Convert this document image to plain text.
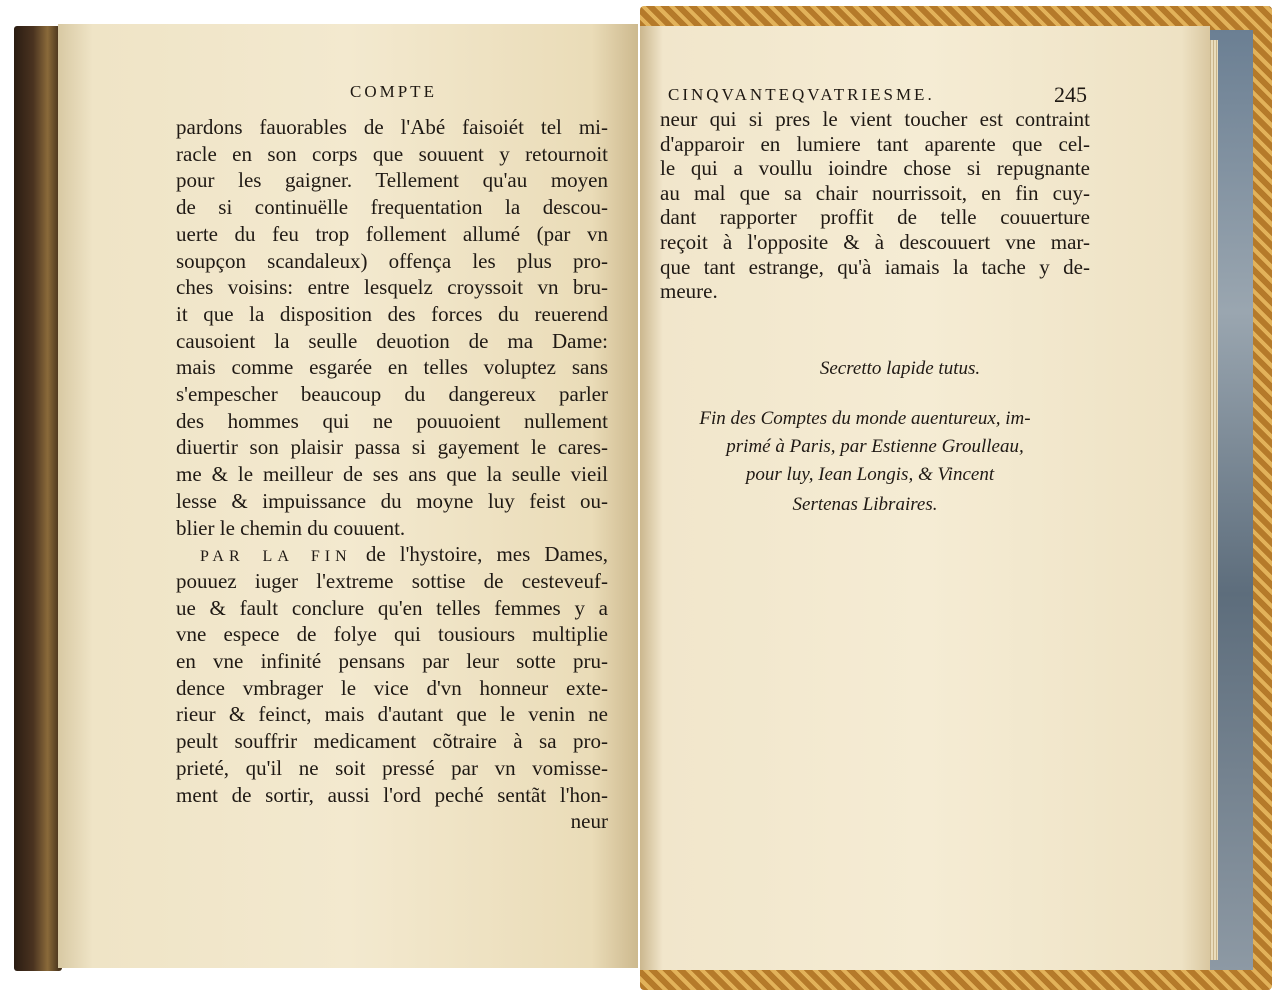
COMPTE
pardons fauorables de l'Abé faisoiét tel mi-
racle en son corps que souuent y retournoit
pour les gaigner. Tellement qu'au moyen
de si continuëlle frequentation la descou-
uerte du feu trop follement allumé (par vn
soupçon scandaleux) offença les plus pro-
ches voisins: entre lesquelz croyssoit vn bru-
it que la disposition des forces du reuerend
causoient la seulle deuotion de ma Dame:
mais comme esgarée en telles voluptez sans
s'empescher beaucoup du dangereux parler
des hommes qui ne pouuoient nullement
diuertir son plaisir passa si gayement le cares-
me & le meilleur de ses ans que la seulle vieil
lesse & impuissance du moyne luy feist ou-
blier le chemin du couuent.
PAR LA FIN de l'hystoire, mes Dames,
pouuez iuger l'extreme sottise de cesteveuf-
ue & fault conclure qu'en telles femmes y a
vne espece de folye qui tousiours multiplie
en vne infinité pensans par leur sotte pru-
dence vmbrager le vice d'vn honneur exte-
rieur & feinct, mais d'autant que le venin ne
peult souffrir medicament cõtraire à sa pro-
prieté, qu'il ne soit pressé par vn vomisse-
ment de sortir, aussi l'ord peché sentãt l'hon-
neur
CINQVANTEQVATRIESME.	245
neur qui si pres le vient toucher est contraint
d'apparoir en lumiere tant aparente que cel-
le qui a voullu ioindre chose si repugnante
au mal que sa chair nourrissoit, en fin cuy-
dant rapporter proffit de telle couuerture
reçoit à l'opposite & à descouuert vne mar-
que tant estrange, qu'à iamais la tache y de-
meure.
Secretto lapide tutus.
Fin des Comptes du monde auentureux, im-
primé à Paris, par Estienne Groulleau,
pour luy, Iean Longis, & Vincent
Sertenas Libraires.
